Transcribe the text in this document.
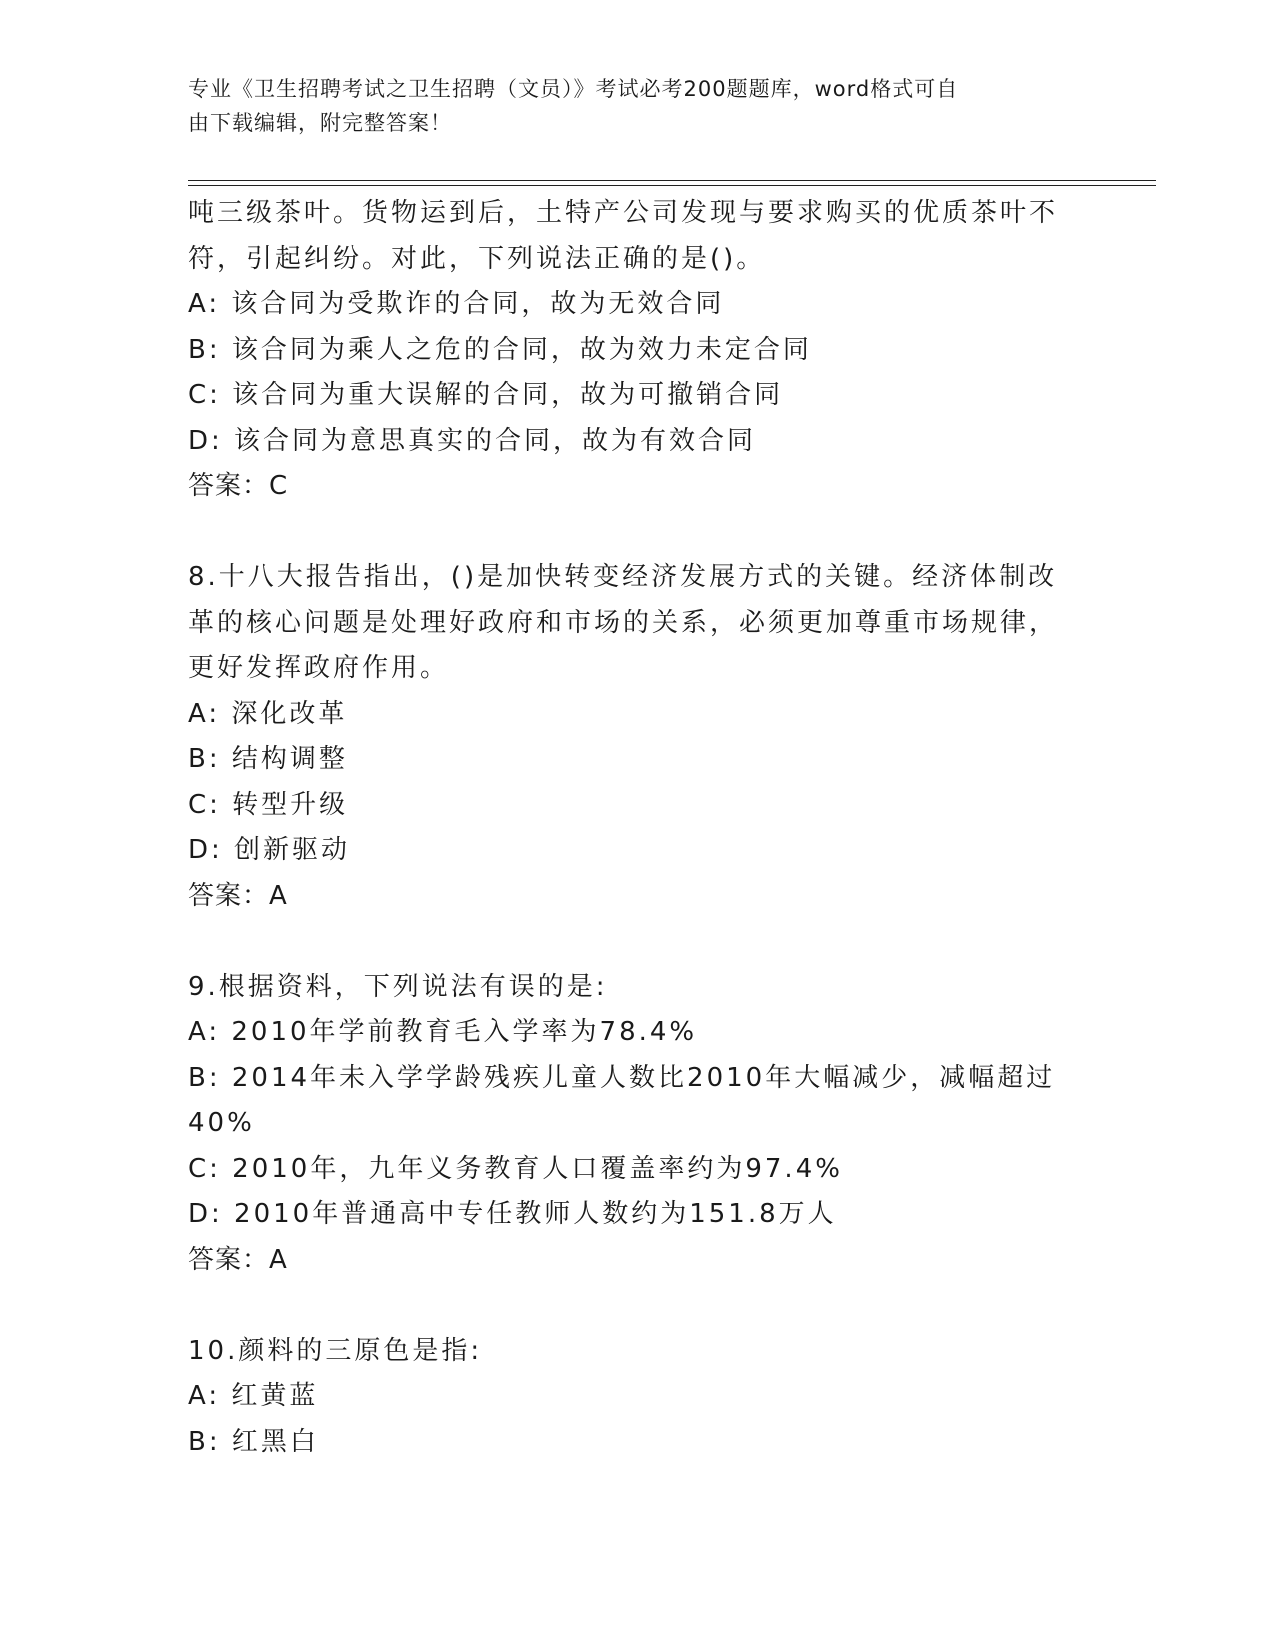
专业《卫生招聘考试之卫生招聘（文员）》考试必考200题题库，word格式可自
由下载编辑，附完整答案！
吨三级茶叶。货物运到后，土特产公司发现与要求购买的优质茶叶不
符，引起纠纷。对此，下列说法正确的是()。
A: 该合同为受欺诈的合同，故为无效合同
B: 该合同为乘人之危的合同，故为效力未定合同
C: 该合同为重大误解的合同，故为可撤销合同
D: 该合同为意思真实的合同，故为有效合同
答案：C
8.十八大报告指出，()是加快转变经济发展方式的关键。经济体制改
革的核心问题是处理好政府和市场的关系，必须更加尊重市场规律，
更好发挥政府作用。
A: 深化改革
B: 结构调整
C: 转型升级
D: 创新驱动
答案：A
9.根据资料，下列说法有误的是:
A: 2010年学前教育毛入学率为78.4%
B: 2014年未入学学龄残疾儿童人数比2010年大幅减少，减幅超过
40%
C: 2010年，九年义务教育人口覆盖率约为97.4%
D: 2010年普通高中专任教师人数约为151.8万人
答案：A
10.颜料的三原色是指:
A: 红黄蓝
B: 红黑白
